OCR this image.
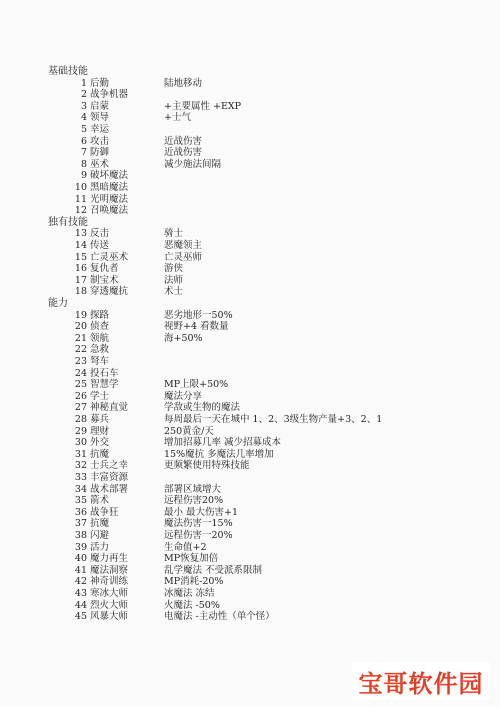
基础技能
1 后勤	陆地移动
2 战争机器
3 启蒙	+主要属性 +EXP
4 领导	+士气
5 幸运
6 攻击	近战伤害
7 防御	近战伤害
8 巫术	减少施法间隔
9 破坏魔法
10 黑暗魔法
11 光明魔法
12 召唤魔法
独有技能
13 反击	骑士
14 传送	恶魔领主
15 亡灵巫术	亡灵巫师
16 复仇者	游侠
17 制宝术	法师
18 穿透魔抗	术士
能力
19 探路	恶劣地形一50%
20 侦查	视野+4 看数量
21 领航	海+50%
22 急救
23 弩车
24 投石车
25 智慧学	MP上限+50%
26 学士	魔法分享
27 神秘直觉	学敌或生物的魔法
28 募兵	每周最后一天在城中 1、2、3级生物产量+3、2、1
29 理财	250黄金/天
30 外交	增加招募几率 减少招募成本
31 抗魔	15%魔抗 多魔法几率增加
32 士兵之幸	更频繁使用特殊技能
33 丰富资源
34 战术部署	部署区域增大
35 箭术	远程伤害20%
36 战争狂	最小 最大伤害+1
37 抗魔	魔法伤害一15%
38 闪避	远程伤害一20%
39 活力	生命值+2
40 魔力再生	MP恢复加倍
41 魔法洞察	乱学魔法 不受派系限制
42 神奇训练	MP消耗-20%
43 寒冰大师	冰魔法 冻结
44 烈火大师	火魔法 -50%
45 风暴大师	电魔法 -主动性（单个怪）
宝哥软件园
